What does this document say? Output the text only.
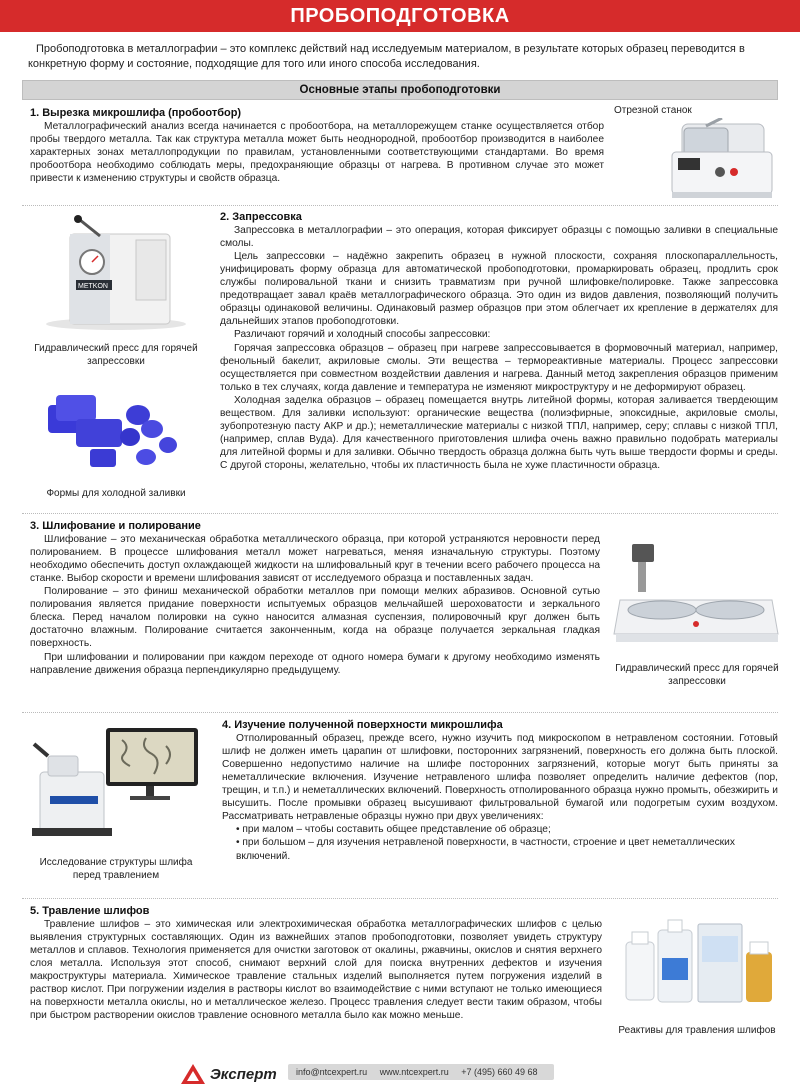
ПРОБОПОДГОТОВКА
Пробоподготовка в металлографии – это комплекс действий над исследуемым материалом, в результате которых образец переводится в конкретную форму и состояние, подходящие для того или иного способа исследования.
Основные этапы пробоподготовки
1. Вырезка микрошлифа (пробоотбор)
Металлографический анализ всегда начинается с пробоотбора, на металлорежущем станке осуществляется отбор пробы твердого металла. Так как структура металла может быть неоднородной, пробоотбор производится в наиболее характерных зонах металлопродукции по правилам, установленными соответствующими стандартами. Во время пробоотбора необходимо соблюдать меры, предохраняющие образцы от нагрева. В противном случае это может привести к изменению структуры и свойств образца.
Отрезной станок
METKON
Гидравлический пресс для горячей запрессовки
Формы для холодной заливки
2. Запрессовка
Запрессовка в металлографии – это операция, которая фиксирует образцы с помощью заливки в специальные смолы.
Цель запрессовки – надёжно закрепить образец в нужной плоскости, сохраняя плоскопараллельность, унифицировать форму образца для автоматической пробоподготовки, промаркировать образец, продлить срок службы полировальной ткани и снизить травматизм при ручной шлифовке/полировке. Также запрессовка предотвращает завал краёв металлографического образца. Это один из видов давления, позволяющий получить образцы одинаковой величины. Одинаковый размер образцов при этом облегчает их крепление в держателях для дальнейших этапов пробоподготовки.
Различают горячий и холодный способы запрессовки:
Горячая запрессовка образцов – образец при нагреве запрессовывается в формовочный материал, например, фенольный бакелит, акриловые смолы. Эти вещества – термореактивные материалы. Процесс запрессовки осуществляется при совместном воздействии давления и нагрева. Данный метод закрепления образцов применим только в тех случаях, когда давление и температура не изменяют микроструктуру и не деформируют образец.
Холодная заделка образцов – образец помещается внутрь литейной формы, которая заливается твердеющим веществом. Для заливки используют: органические вещества (полиэфирные, эпоксидные, акриловые смолы, зубопротезную пасту АКР и др.); неметаллические материалы с низкой ТПЛ, например, серу; сплавы с низкой ТПЛ, (например, сплав Вуда). Для качественного приготовления шлифа очень важно правильно подобрать материалы для литейной формы и для заливки. Обычно твердость образца должна быть чуть выше твердости формы и среды. С другой стороны, желательно, чтобы их пластичность была не хуже пластичности образца.
3. Шлифование и полирование
Шлифование – это механическая обработка металлического образца, при которой устраняются неровности перед полированием. В процессе шлифования металл может нагреваться, меняя изначальную структуры. Поэтому необходимо обеспечить доступ охлаждающей жидкости на шлифовальный круг в течении всего рабочего процесса на станке. Выбор скорости и времени шлифования зависят от исследуемого образца и поставленных задач.
Полирование – это финиш механической обработки металлов при помощи мелких абразивов. Основной сутью полирования является придание поверхности испытуемых образцов мельчайшей шероховатости и зеркального блеска. Перед началом полировки на сукно наносится алмазная суспензия, полировочный круг должен быть достаточно влажным. Полирование считается законченным, когда на образце получается зеркальная гладкая поверхность.
При шлифовании и полировании при каждом переходе от одного номера бумаги к другому необходимо изменять направление движения образца перпендикулярно предыдущему.	Гидравлический пресс для горячей запрессовки
Исследование структуры шлифа перед травлением
4. Изучение полученной поверхности микрошлифа
Отполированный образец, прежде всего, нужно изучить под микроскопом в нетравленом состоянии. Готовый шлиф не должен иметь царапин от шлифовки, посторонних загрязнений, поверхность его должна быть плоской. Совершенно недопустимо наличие на шлифе посторонних загрязнений, которые могут быть приняты за неметаллические включения. Изучение нетравленого шлифа позволяет определить наличие дефектов (пор, трещин, и т.п.) и неметаллических включений. Поверхность отполированного образца нужно промыть, обезжирить и высушить. После промывки образец высушивают фильтровальной бумагой или подогретым сухим воздухом. Рассматривать нетравленые образцы нужно при двух увеличениях:
• при малом – чтобы составить общее представление об образце;
• при большом – для изучения нетравленой поверхности, в частности, строение и цвет неметаллических включений.
5. Травление шлифов
Травление шлифов – это химическая или электрохимическая обработка металлографических шлифов с целью выявления структурных составляющих. Один из важнейших этапов пробоподготовки, позволяет увидеть структуру металлов и сплавов. Технология применяется для очистки заготовок от окалины, ржавчины, окислов и снятия верхнего слоя металла. Используя этот способ, снимают верхний слой для поиска внутренних дефектов и изучения макроструктуры материала. Химическое травление стальных изделий выполняется путем погружения изделий в раствор кислот. При погружении изделия в растворы кислот во взаимодействие с ними вступают не только имеющиеся на поверхности металла окислы, но и металлическое железо. Процесс травления следует вести таким образом, чтобы при быстром растворении окислов травление основного металла было как можно меньше.
Реактивы для травления шлифов
Эксперт	info@ntcexpert.ru www.ntcexpert.ru +7 (495) 660 49 68
